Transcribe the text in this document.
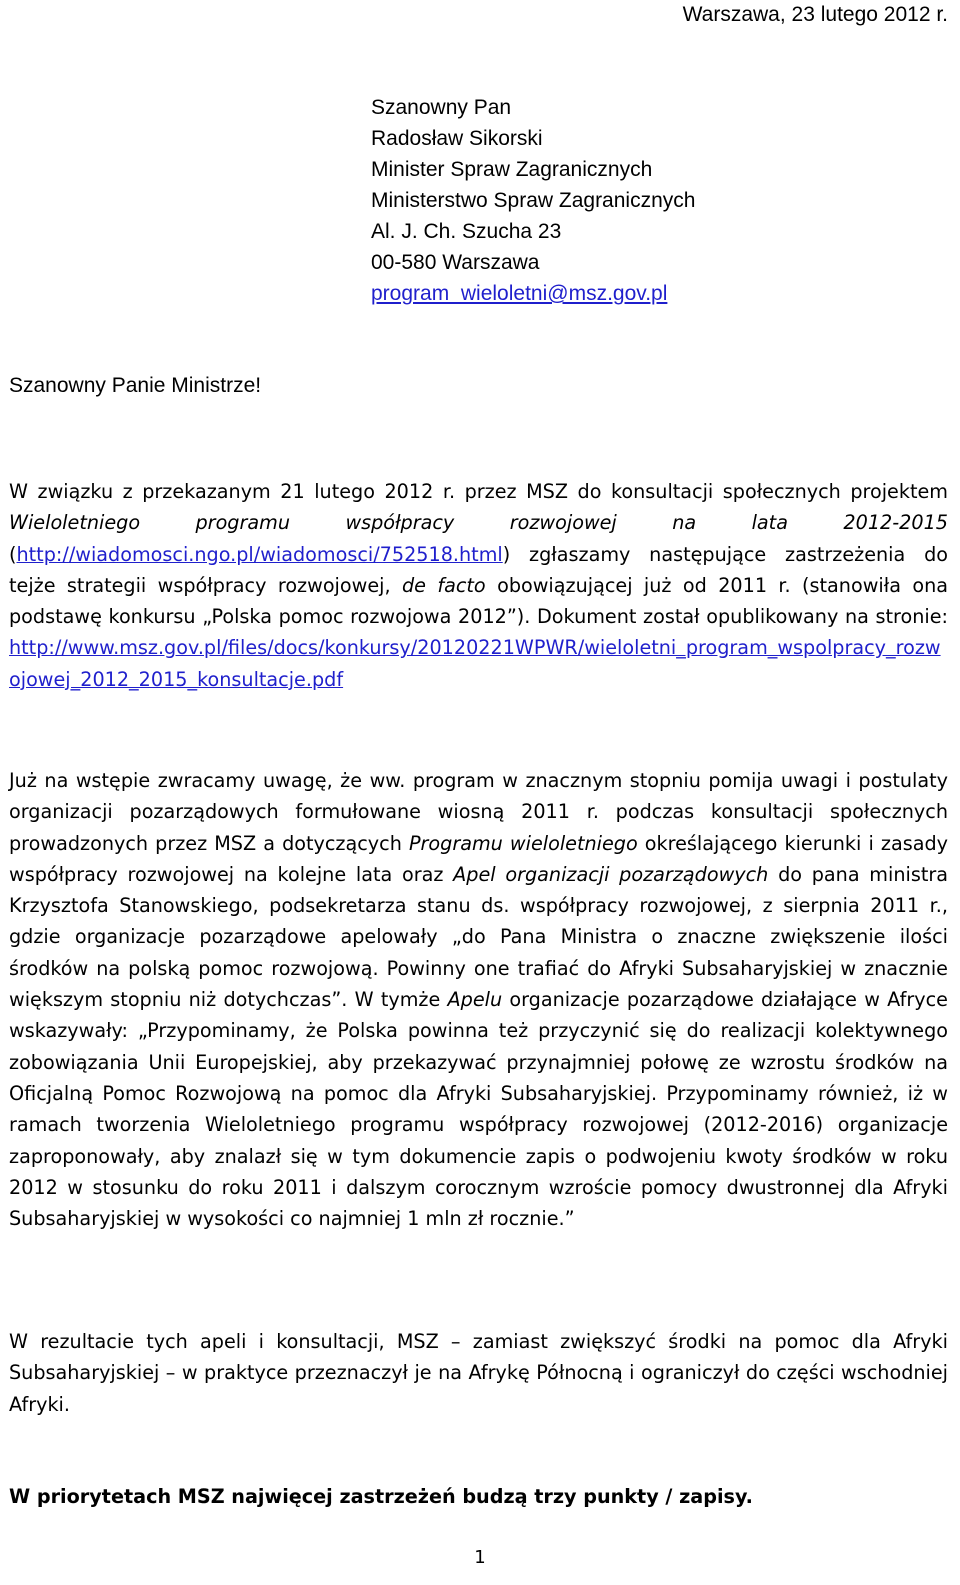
Warszawa, 23 lutego 2012 r.
Szanowny Pan
Radosław Sikorski
Minister Spraw Zagranicznych
Ministerstwo Spraw Zagranicznych
Al. J. Ch. Szucha 23
00-580 Warszawa
program_wieloletni@msz.gov.pl
Szanowny Panie Ministrze!
W związku z przekazanym 21 lutego 2012 r. przez MSZ do konsultacji społecznych projektem Wieloletniego programu współpracy rozwojowej na lata 2012-2015 (http://wiadomosci.ngo.pl/wiadomosci/752518.html) zgłaszamy następujące zastrzeżenia do tejże strategii współpracy rozwojowej, de facto obowiązującej już od 2011 r. (stanowiła ona podstawę konkursu „Polska pomoc rozwojowa 2012”). Dokument został opublikowany na stronie: http://www.msz.gov.pl/files/docs/konkursy/20120221WPWR/wieloletni_program_wspolpracy_rozwojowej_2012_2015_konsultacje.pdf
Już na wstępie zwracamy uwagę, że ww. program w znacznym stopniu pomija uwagi i postulaty organizacji pozarządowych formułowane wiosną 2011 r. podczas konsultacji społecznych prowadzonych przez MSZ a dotyczących Programu wieloletniego określającego kierunki i zasady współpracy rozwojowej na kolejne lata oraz Apel organizacji pozarządowych do pana ministra Krzysztofa Stanowskiego, podsekretarza stanu ds. współpracy rozwojowej, z sierpnia 2011 r., gdzie organizacje pozarządowe apelowały „do Pana Ministra o znaczne zwiększenie ilości środków na polską pomoc rozwojową. Powinny one trafiać do Afryki Subsaharyjskiej w znacznie większym stopniu niż dotychczas”. W tymże Apelu organizacje pozarządowe działające w Afryce wskazywały: „Przypominamy, że Polska powinna też przyczynić się do realizacji kolektywnego zobowiązania Unii Europejskiej, aby przekazywać przynajmniej połowę ze wzrostu środków na Oficjalną Pomoc Rozwojową na pomoc dla Afryki Subsaharyjskiej. Przypominamy również, iż w ramach tworzenia Wieloletniego programu współpracy rozwojowej (2012-2016) organizacje zaproponowały, aby znalazł się w tym dokumencie zapis o podwojeniu kwoty środków w roku 2012 w stosunku do roku 2011 i dalszym corocznym wzroście pomocy dwustronnej dla Afryki Subsaharyjskiej w wysokości co najmniej 1 mln zł rocznie.”
W rezultacie tych apeli i konsultacji, MSZ – zamiast zwiększyć środki na pomoc dla Afryki Subsaharyjskiej – w praktyce przeznaczył je na Afrykę Północną i ograniczył do części wschodniej Afryki.
W priorytetach MSZ najwięcej zastrzeżeń budzą trzy punkty / zapisy.
1
